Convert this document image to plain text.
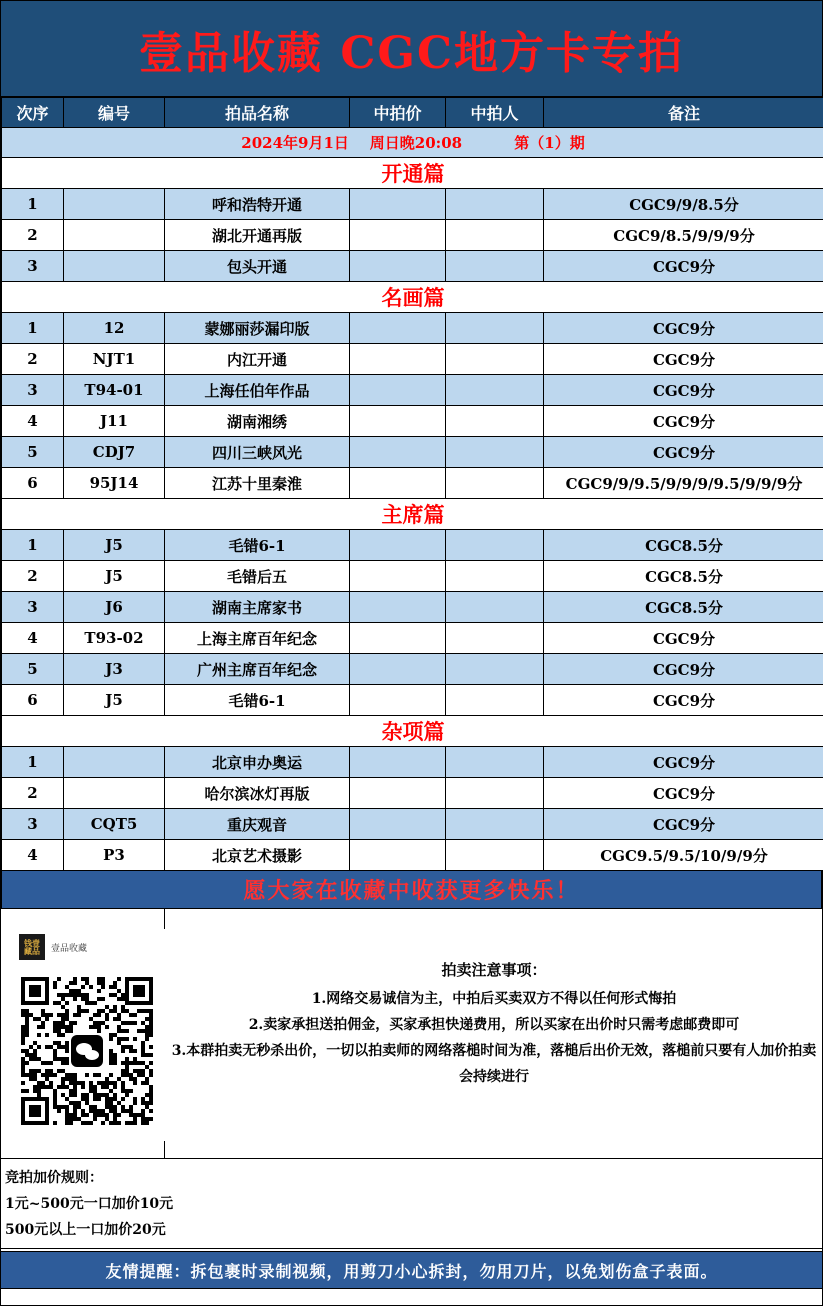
壹品收藏 CGC地方卡专拍
次序	编号	拍品名称	中拍价	中拍人	备注
2024年9月1日    周日晚20:08          第（1）期					
开通篇					
1		呼和浩特开通			CGC9/9/8.5分
2		湖北开通再版			CGC9/8.5/9/9/9分
3		包头开通			CGC9分
名画篇					
1	12	蒙娜丽莎漏印版			CGC9分
2	NJT1	内江开通			CGC9分
3	T94-01	上海任伯年作品			CGC9分
4	J11	湖南湘绣			CGC9分
5	CDJ7	四川三峡风光			CGC9分
6	95J14	江苏十里秦淮			CGC9/9/9.5/9/9/9/9.5/9/9/9分
主席篇					
1	J5	毛错6-1			CGC8.5分
2	J5	毛错后五			CGC8.5分
3	J6	湖南主席家书			CGC8.5分
4	T93-02	上海主席百年纪念			CGC9分
5	J3	广州主席百年纪念			CGC9分
6	J5	毛错6-1			CGC9分
杂项篇					
1		北京申办奥运			CGC9分
2		哈尔滨冰灯再版			CGC9分
3	CQT5	重庆观音			CGC9分
4	P3	北京艺术摄影			CGC9.5/9.5/10/9/9分
愿大家在收藏中收获更多快乐！
钱壹 藏品	壹品收藏
拍卖注意事项：

1.网络交易诚信为主，中拍后买卖双方不得以任何形式悔拍

2.卖家承担送拍佣金，买家承担快递费用，所以买家在出价时只需考虑邮费即可

3.本群拍卖无秒杀出价，一切以拍卖师的网络落槌时间为准，落槌后出价无效，落槌前只要有人加价拍卖会持续进行

竞拍加价规则：

1元~500元一口加价10元

500元以上一口加价20元

友情提醒：拆包裹时录制视频，用剪刀小心拆封，勿用刀片，以免划伤盒子表面。
